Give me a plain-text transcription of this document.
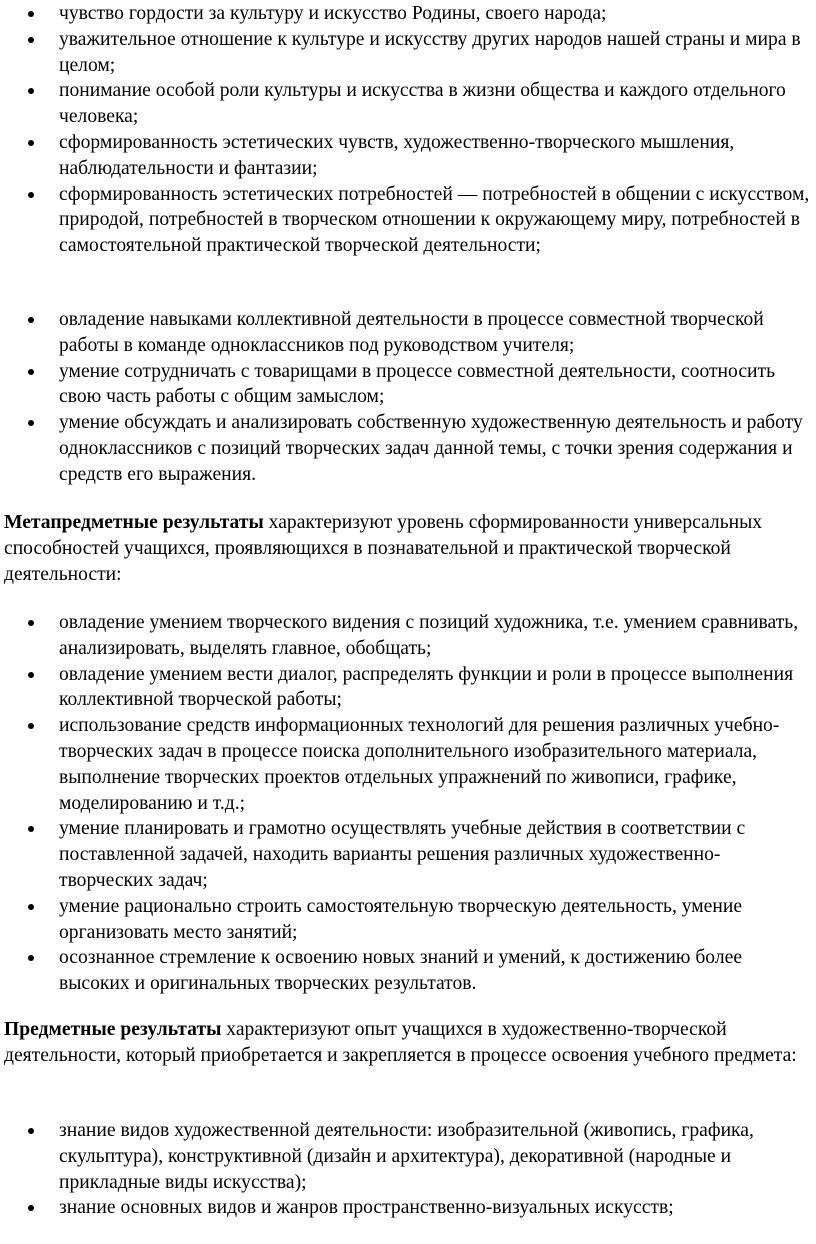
чувство гордости за культуру и искусство Родины, своего народа;
уважительное отношение к культуре и искусству других народов нашей страны и мира в целом;
понимание особой роли культуры и искусства в жизни общества и каждого отдельного человека;
сформированность эстетических чувств, художественно-творческого мышления, наблюдательности и фантазии;
сформированность эстетических потребностей — потребностей в общении с искусством, природой, потребностей в творческом отношении к окружающему миру, потребностей в самостоятельной практической творческой деятельности;
овладение навыками коллективной деятельности в процессе совместной творческой работы в команде одноклассников под руководством учителя;
умение сотрудничать с товарищами в процессе совместной деятельности, соотносить свою часть работы с общим замыслом;
умение обсуждать и анализировать собственную художественную деятельность и работу одноклассников с позиций творческих задач данной темы, с точки зрения содержания и средств его выражения.

Метапредметные результаты характеризуют уровень сформированности универсальных способностей учащихся, проявляющихся в познавательной и практической творческой деятельности:

овладение умением творческого видения с позиций художника, т.е. умением сравнивать, анализировать, выделять главное, обобщать;
овладение умением вести диалог, распределять функции и роли в процессе выполнения коллективной творческой работы;
использование средств информационных технологий для решения различных учебно-творческих задач в процессе поиска дополнительного изобразительного материала, выполнение творческих проектов отдельных упражнений по живописи, графике, моделированию и т.д.;
умение планировать и грамотно осуществлять учебные действия в соответствии с поставленной задачей, находить варианты решения различных художественно-творческих задач;
умение рационально строить самостоятельную творческую деятельность, умение организовать место занятий;
осознанное стремление к освоению новых знаний и умений, к достижению более высоких и оригинальных творческих результатов.

Предметные результаты характеризуют опыт учащихся в художественно-творческой деятельности, который приобретается и закрепляется в процессе освоения учебного предмета:

знание видов художественной деятельности: изобразительной (живопись, графика, скульптура), конструктивной (дизайн и архитектура), декоративной (народные и прикладные виды искусства);
знание основных видов и жанров пространственно-визуальных искусств;
